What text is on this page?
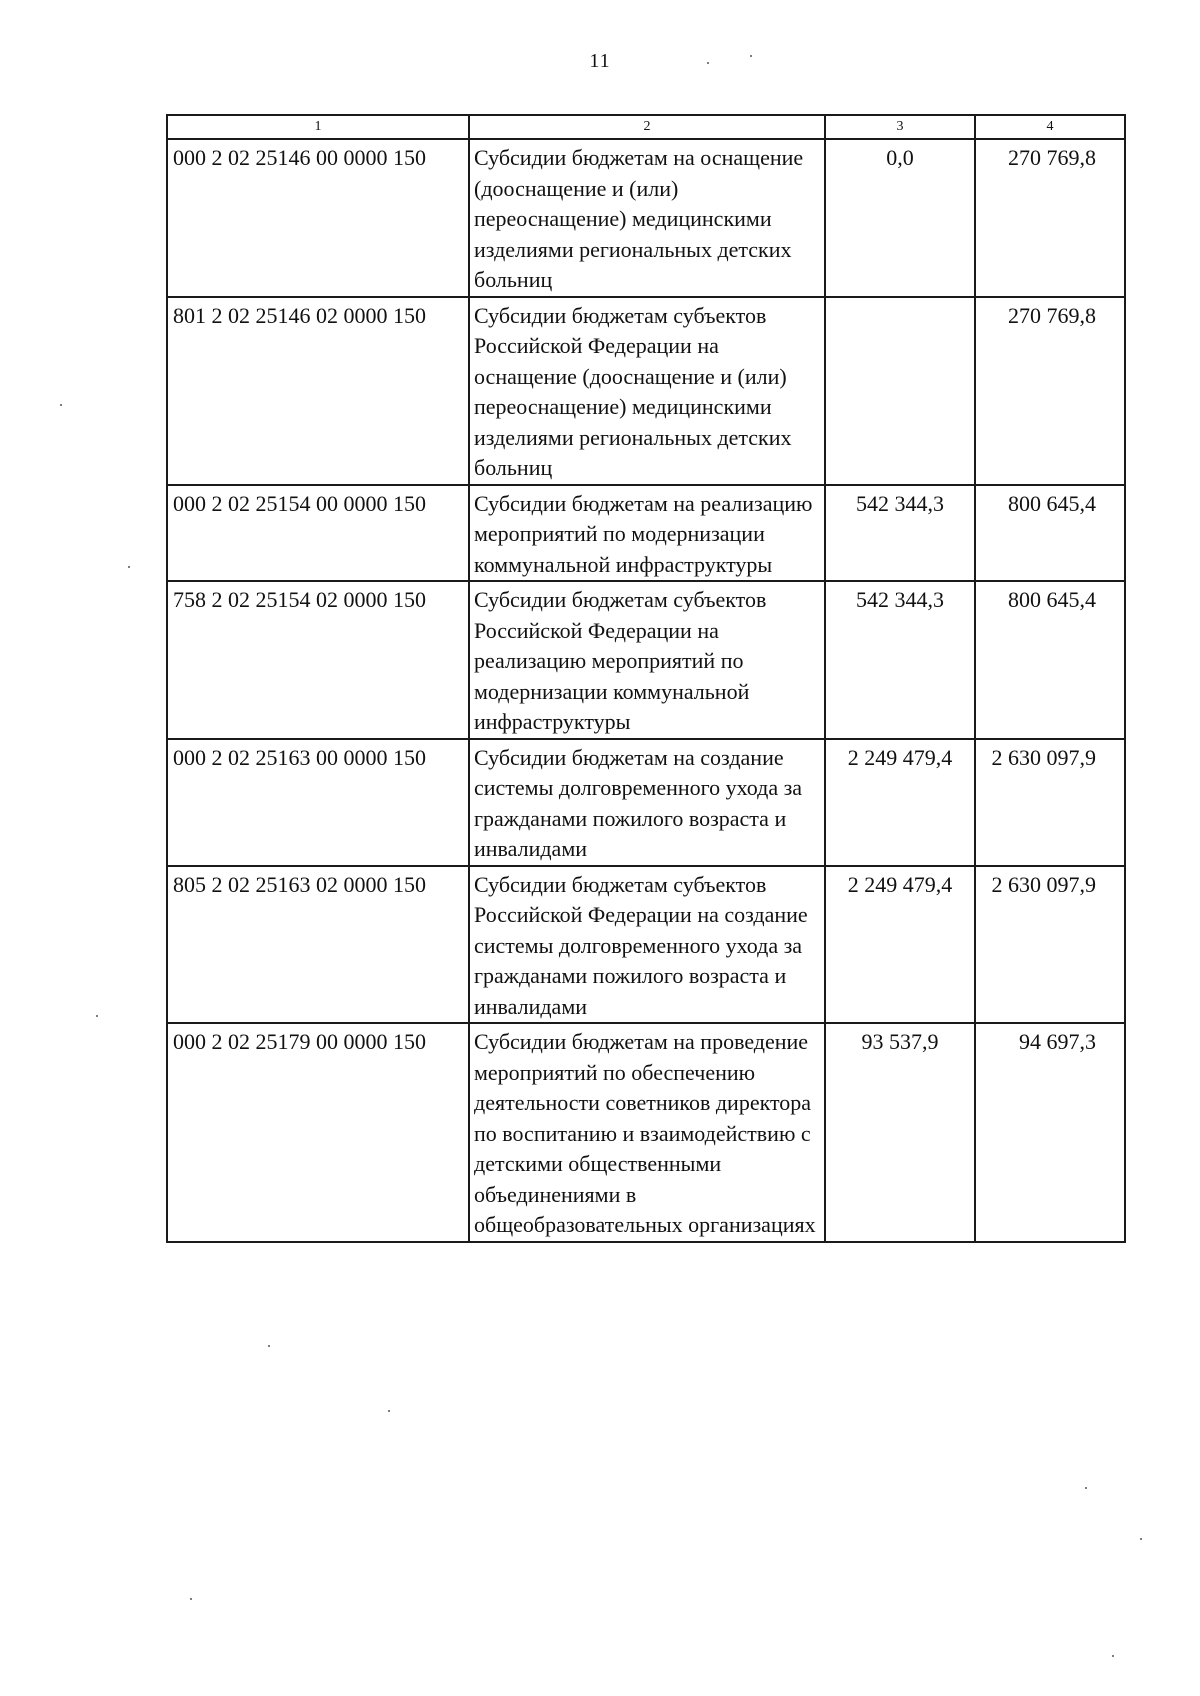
11
1	2	3	4
000 2 02 25146 00 0000 150	Субсидии бюджетам на оснащение (дооснащение и (или) переоснащение) медицинскими изделиями региональных детских больниц	0,0	270 769,8
801 2 02 25146 02 0000 150	Субсидии бюджетам субъектов Российской Федерации на оснащение (дооснащение и (или) переоснащение) медицинскими изделиями региональных детских больниц		270 769,8
000 2 02 25154 00 0000 150	Субсидии бюджетам на реализацию мероприятий по модернизации коммунальной инфраструктуры	542 344,3	800 645,4
758 2 02 25154 02 0000 150	Субсидии бюджетам субъектов Российской Федерации на реализацию мероприятий по модернизации коммунальной инфраструктуры	542 344,3	800 645,4
000 2 02 25163 00 0000 150	Субсидии бюджетам на создание системы долговременного ухода за гражданами пожилого возраста и инвалидами	2 249 479,4	2 630 097,9
805 2 02 25163 02 0000 150	Субсидии бюджетам субъектов Российской Федерации на создание системы долговременного ухода за гражданами пожилого возраста и инвалидами	2 249 479,4	2 630 097,9
000 2 02 25179 00 0000 150	Субсидии бюджетам на проведение мероприятий по обеспечению деятельности советников директора по воспитанию и взаимодействию с детскими общественными объединениями в общеобразовательных организациях	93 537,9	94 697,3
